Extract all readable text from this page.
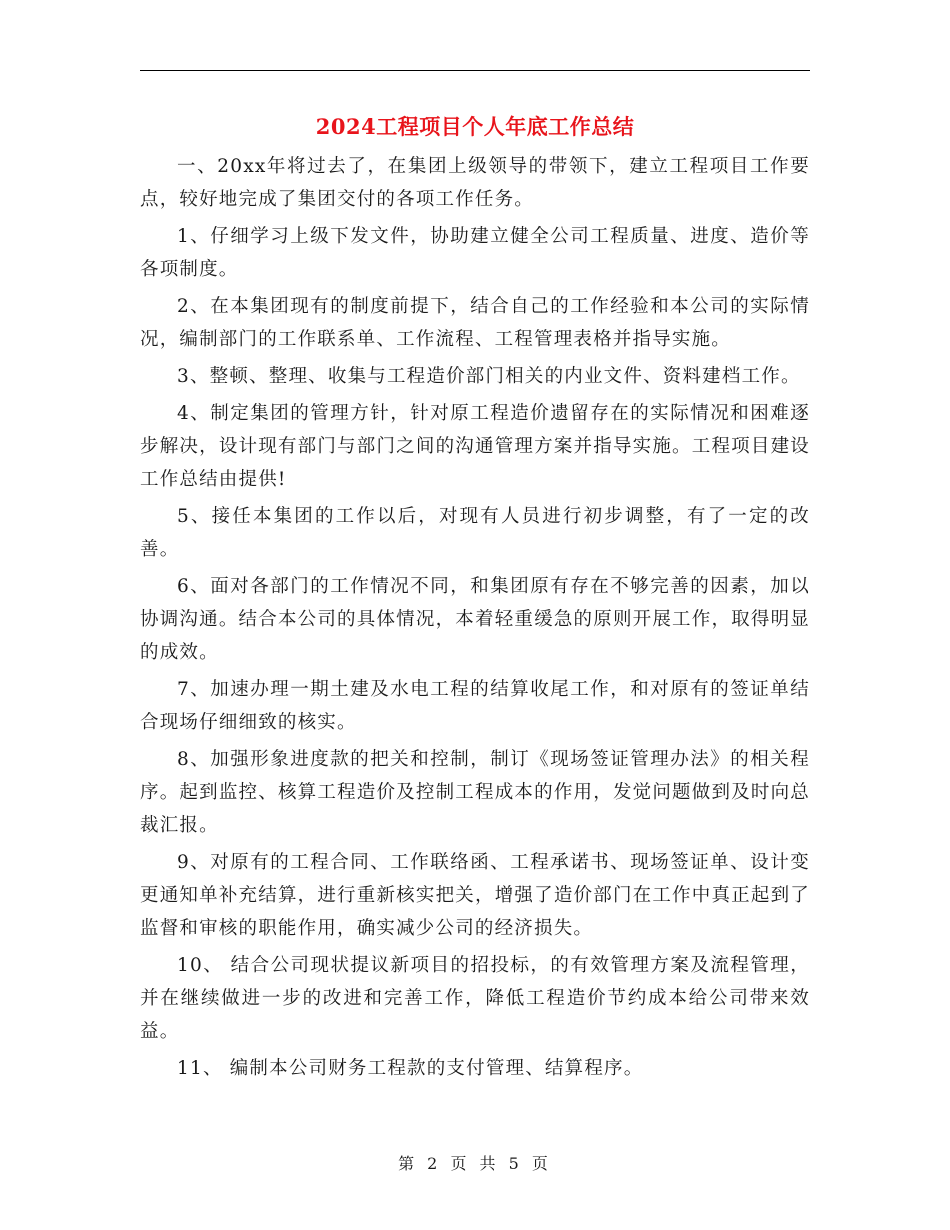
2024工程项目个人年底工作总结

一、20xx年将过去了，在集团上级领导的带领下，建立工程项目工作要点，较好地完成了集团交付的各项工作任务。

1、仔细学习上级下发文件，协助建立健全公司工程质量、进度、造价等各项制度。

2、在本集团现有的制度前提下，结合自己的工作经验和本公司的实际情况，编制部门的工作联系单、工作流程、工程管理表格并指导实施。

3、整顿、整理、收集与工程造价部门相关的内业文件、资料建档工作。

4、制定集团的管理方针，针对原工程造价遗留存在的实际情况和困难逐步解决，设计现有部门与部门之间的沟通管理方案并指导实施。工程项目建设工作总结由提供!

5、接任本集团的工作以后，对现有人员进行初步调整，有了一定的改善。

6、面对各部门的工作情况不同，和集团原有存在不够完善的因素，加以协调沟通。结合本公司的具体情况，本着轻重缓急的原则开展工作，取得明显的成效。

7、加速办理一期土建及水电工程的结算收尾工作，和对原有的签证单结合现场仔细细致的核实。

8、加强形象进度款的把关和控制，制订《现场签证管理办法》的相关程序。起到监控、核算工程造价及控制工程成本的作用，发觉问题做到及时向总裁汇报。

9、对原有的工程合同、工作联络函、工程承诺书、现场签证单、设计变更通知单补充结算，进行重新核实把关，增强了造价部门在工作中真正起到了监督和审核的职能作用，确实减少公司的经济损失。

10、 结合公司现状提议新项目的招投标，的有效管理方案及流程管理，并在继续做进一步的改进和完善工作，降低工程造价节约成本给公司带来效益。

11、 编制本公司财务工程款的支付管理、结算程序。

第 2 页 共 5 页
